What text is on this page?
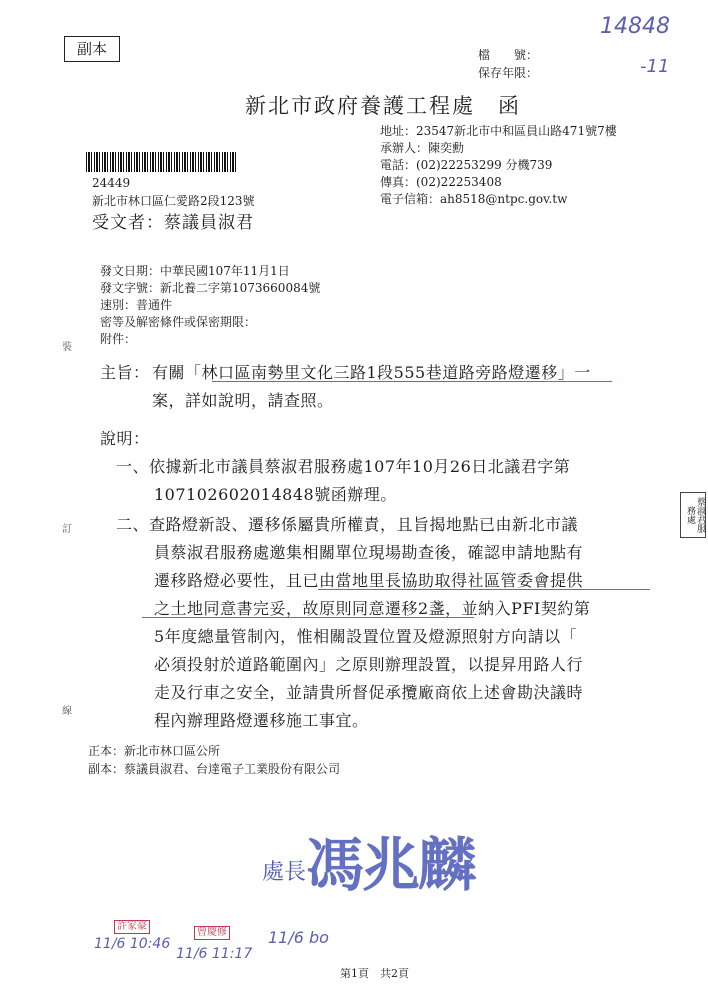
副本
14848
-11
檔　　號：
保存年限：
新北市政府養護工程處　函
地址：23547新北市中和區員山路471號7樓
承辦人：陳奕勳
電話：(02)22253299 分機739
傳真：(02)22253408
電子信箱：ah8518@ntpc.gov.tw
24449
新北市林口區仁愛路2段123號
受文者：蔡議員淑君
發文日期：中華民國107年11月1日
發文字號：新北養二字第1073660084號
速別：普通件
密等及解密條件或保密期限：
附件：
裝
訂
線
主旨： 有關「林口區南勢里文化三路1段555巷道路旁路燈遷移」一
案，詳如說明，請查照。
說明：
一、依據新北市議員蔡淑君服務處107年10月26日北議君字第
107102602014848號函辦理。
二、查路燈新設、遷移係屬貴所權責，且旨揭地點已由新北市議
員蔡淑君服務處邀集相關單位現場勘查後，確認申請地點有
遷移路燈必要性，且已由當地里長協助取得社區管委會提供
之土地同意書完妥，故原則同意遷移2盞，並納入PFI契約第
5年度總量管制內，惟相關設置位置及燈源照射方向請以「
必須投射於道路範圍內」之原則辦理設置，以提昇用路人行
走及行車之安全，並請貴所督促承攬廠商依上述會勘決議時
程內辦理路燈遷移施工事宜。
蔡淑君服務處
正本：新北市林口區公所
副本：蔡議員淑君、台達電子工業股份有限公司
處長 馮兆麟
11/6 10:46
許家豪
11/6 11:17
曾慶修	11/6 bo
第1頁　共2頁
